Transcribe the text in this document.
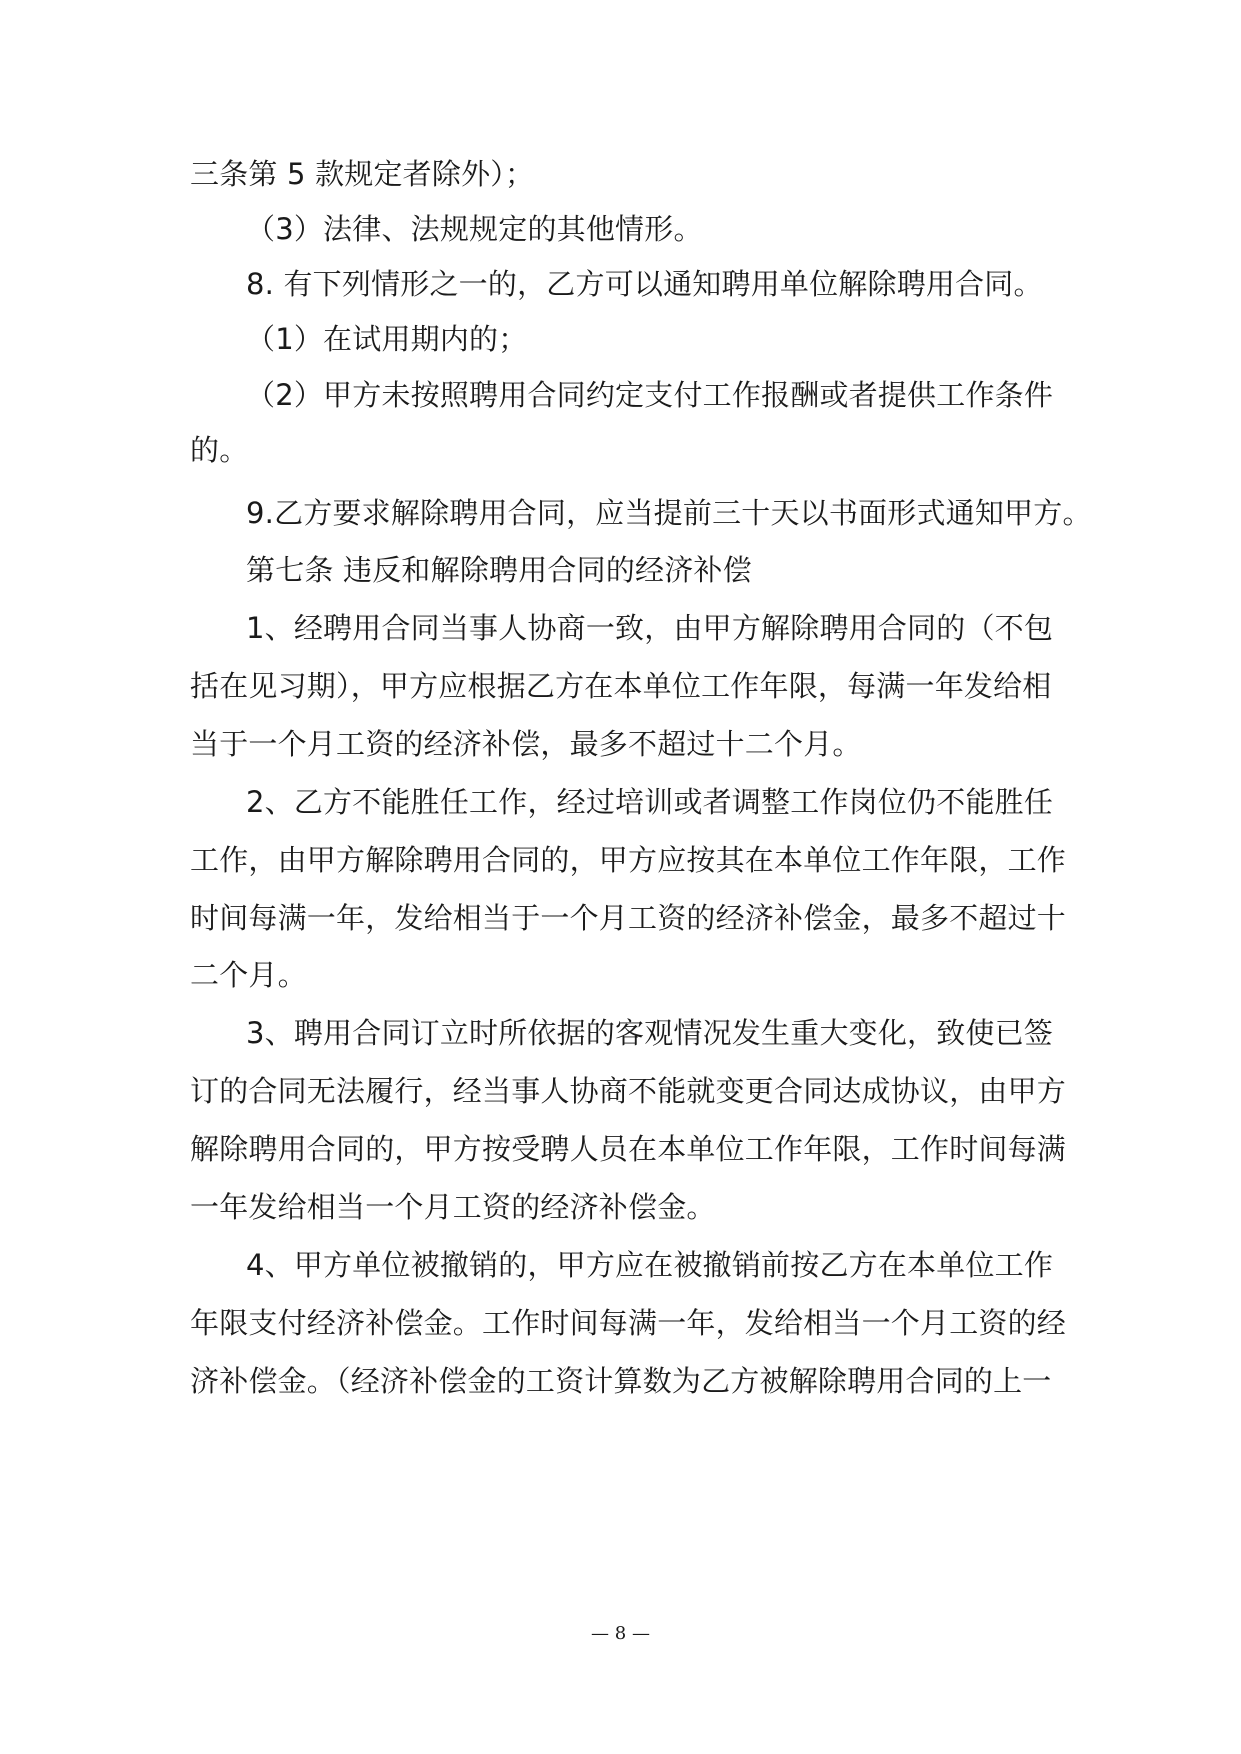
三条第 5 款规定者除外）；
（3）法律、法规规定的其他情形。
8. 有下列情形之一的，乙方可以通知聘用单位解除聘用合同。
（1）在试用期内的；
（2）甲方未按照聘用合同约定支付工作报酬或者提供工作条件
的。
9.乙方要求解除聘用合同，应当提前三十天以书面形式通知甲方。
第七条 违反和解除聘用合同的经济补偿
1、经聘用合同当事人协商一致，由甲方解除聘用合同的（不包
括在见习期），甲方应根据乙方在本单位工作年限，每满一年发给相
当于一个月工资的经济补偿，最多不超过十二个月。
2、乙方不能胜任工作，经过培训或者调整工作岗位仍不能胜任
工作，由甲方解除聘用合同的，甲方应按其在本单位工作年限，工作
时间每满一年，发给相当于一个月工资的经济补偿金，最多不超过十
二个月。
3、聘用合同订立时所依据的客观情况发生重大变化，致使已签
订的合同无法履行，经当事人协商不能就变更合同达成协议，由甲方
解除聘用合同的，甲方按受聘人员在本单位工作年限，工作时间每满
一年发给相当一个月工资的经济补偿金。
4、甲方单位被撤销的，甲方应在被撤销前按乙方在本单位工作
年限支付经济补偿金。工作时间每满一年，发给相当一个月工资的经
济补偿金。（经济补偿金的工资计算数为乙方被解除聘用合同的上一
— 8 —
